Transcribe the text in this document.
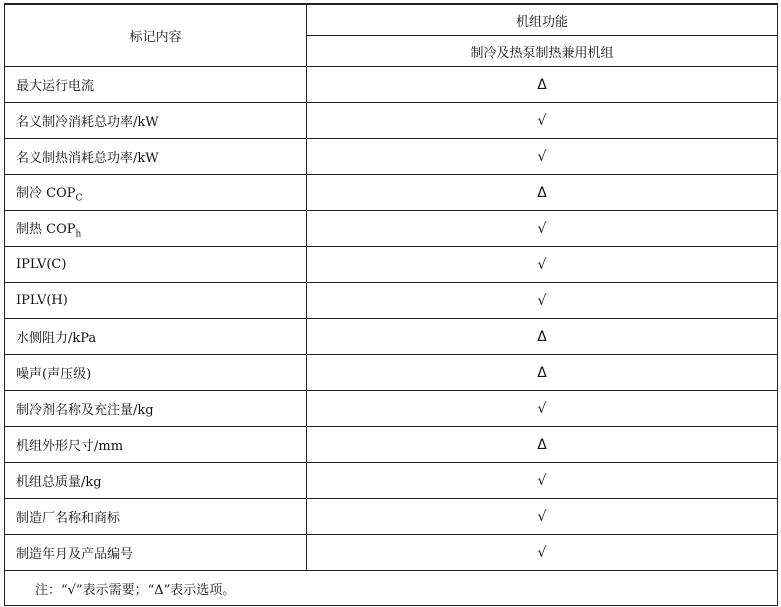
标记内容	机组功能
	制冷及热泵制热兼用机组
最大运行电流	Δ
名义制冷消耗总功率/kW	√
名义制热消耗总功率/kW	√
制冷 $COP_C$	Δ
制热 $COP_h$	√
IPLV(C)	√
IPLV(H)	√
水侧阻力/kPa	Δ
噪声(声压级)	Δ
制冷剂名称及充注量/kg	√
机组外形尺寸/mm	Δ
机组总质量/kg	√
制造厂名称和商标	√
制造年月及产品编号	√
注：“√”表示需要；“Δ”表示选项。	
